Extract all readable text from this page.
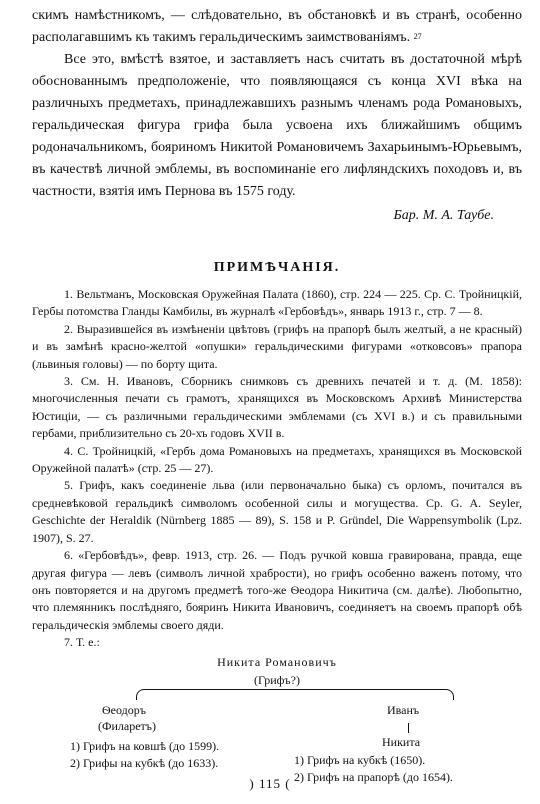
скимъ намѣстникомъ, — слѣдовательно, въ обстановкѣ и въ странѣ, особенно располагавшимъ къ такимъ геральдическимъ заимствованіямъ. $^{27}$

Все это, вмѣстѣ взятое, и заставляетъ насъ считать въ достаточной мѣрѣ обоснованнымъ предположеніе, что появляющаяся съ конца XVI вѣка на различныхъ предметахъ, принадлежавшихъ разнымъ членамъ рода Романовыхъ, геральдическая фигура грифа была усвоена ихъ ближайшимъ общимъ родоначальникомъ, бояриномъ Никитой Романовичемъ Захарьинымъ-Юрьевымъ, въ качествѣ личной эмблемы, въ воспоминаніе его лифляндскихъ походовъ и, въ частности, взятія имъ Пернова въ 1575 году.

Бар. М. А. Таубе.
ПРИМѢЧАНІЯ.

1. Вельтманъ, Московская Оружейная Палата (1860), стр. 224 — 225. Ср. С. Тройницкій, Гербы потомства Гланды Камбилы, въ журналѣ «Гербовѣдъ», январь 1913 г., стр. 7 — 8.

2. Выразившейся въ измѣненіи цвѣтовъ (грифъ на прапорѣ былъ желтый, а не красный) и въ замѣнѣ красно-желтой «опушки» геральдическими фигурами «отковсовъ» прапора (львиныя головы) — по борту щита.

3. См. Н. Ивановъ, Сборникъ снимковъ съ древнихъ печатей и т. д. (М. 1858): многочисленныя печати съ грамотъ, хранящихся въ Московскомъ Архивѣ Министерства Юстиціи, — съ различными геральдическими эмблемами (съ XVI в.) и съ правильными гербами, приблизительно съ 20-хъ годовъ XVII в.

4. С. Тройницкій, «Гербъ дома Романовыхъ на предметахъ, хранящихся въ Московской Оружейной палатѣ» (стр. 25 — 27).

5. Грифъ, какъ соединеніе льва (или первоначально быка) съ орломъ, почитался въ средневѣковой геральдикѣ символомъ особенной силы и могущества. Ср. G. A. Seyler, Geschichte der Heraldik (Nürnberg 1885 — 89), S. 158 и P. Gründel, Die Wappensymbolik (Lpz. 1907), S. 27.

6. «Гербовѣдъ», февр. 1913, стр. 26. — Подъ ручкой ковша гравирована, правда, еще другая фигура — левъ (символъ личной храбрости), но грифъ особенно важенъ потому, что онъ повторяется и на другомъ предметѣ того-же Ѳеодора Никитича (см. далѣе). Любопытно, что племянникъ послѣдняго, бояринъ Никита Ивановичъ, соединяетъ на своемъ прапорѣ обѣ геральдическія эмблемы своего дяди.

7. Т. е.:

Никита Романовичъ
(Грифъ?)
Ѳеодоръ
(Филаретъ)
1) Грифъ на ковшѣ (до 1599).
2) Грифы на кубкѣ (до 1633).
Иванъ
Никита
1) Грифъ на кубкѣ (1650).
2) Грифъ на прапорѣ (до 1654).
) 115 (
